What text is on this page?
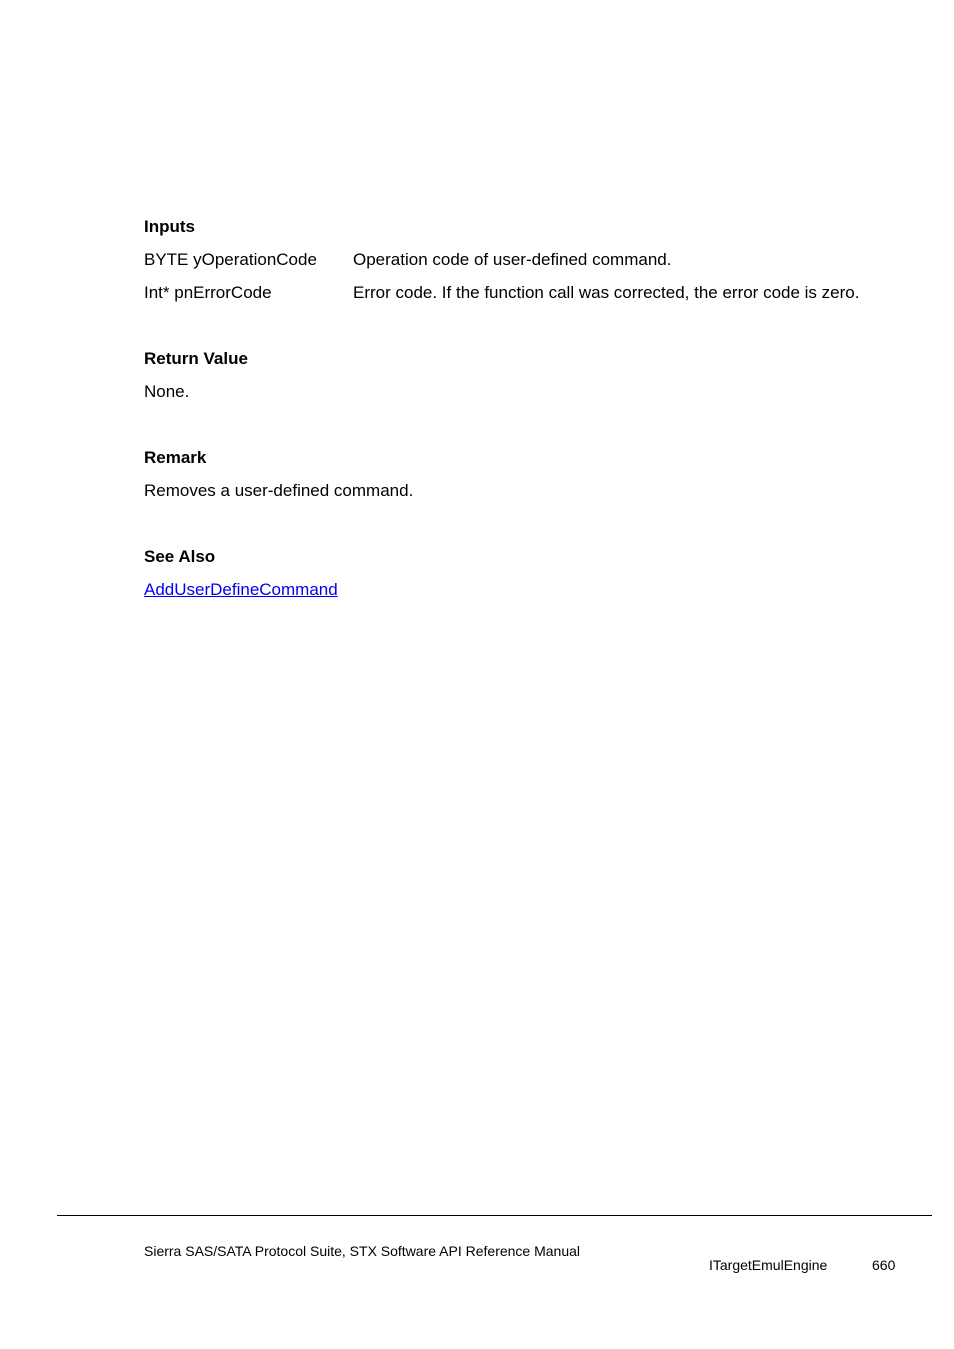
Inputs
BYTE yOperationCode Operation code of user-defined command.
Int* pnErrorCode	Error code. If the function call was corrected, the error code is zero.
Return Value
None.
Remark
Removes a user-defined command.
See Also
AddUserDefineCommand
Sierra SAS/SATA Protocol Suite, STX Software API Reference Manual
ITargetEmulEngine	660
